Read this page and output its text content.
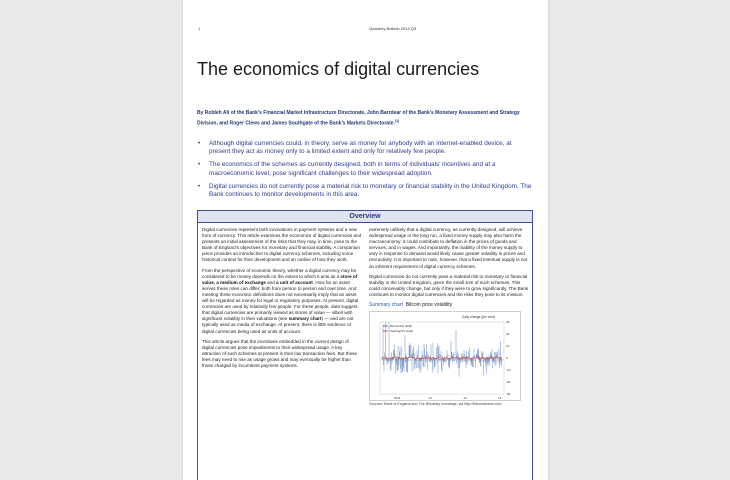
1	Quarterly Bulletin 2014 Q3
The economics of digital currencies
By Robleh Ali of the Bank’s Financial Market Infrastructure Directorate, John Barrdear of the Bank’s Monetary Assessment and Strategy Division, and Roger Clews and James Southgate of the Bank’s Markets Directorate.$^{(1)}$
• Although digital currencies could, in theory, serve as money for anybody with an internet-enabled device, at present they act as money only to a limited extent and only for relatively few people.
• The economics of the schemes as currently designed, both in terms of individuals’ incentives and at a macroeconomic level, pose significant challenges to their widespread adoption.
• Digital currencies do not currently pose a material risk to monetary or financial stability in the United Kingdom. The Bank continues to monitor developments in this area.
Overview

Digital currencies represent both innovations in payment systems and a new form of currency. This article examines the economics of digital currencies and presents an initial assessment of the risks that they may, in time, pose to the Bank of England’s objectives for monetary and financial stability. A companion piece provides an introduction to digital currency schemes, including some historical context for their development and an outline of how they work.

From the perspective of economic theory, whether a digital currency may be considered to be money depends on the extent to which it acts as a store of value, a medium of exchange and a unit of account. How far an asset serves these roles can differ, both from person to person and over time. And meeting these economic definitions does not necessarily imply that an asset will be regarded as money for legal or regulatory purposes. At present, digital currencies are used by relatively few people. For these people, data suggest that digital currencies are primarily viewed as stores of value — albeit with significant volatility in their valuations (see summary chart) — and are not typically used as media of exchange. At present, there is little evidence of digital currencies being used as units of account.

This article argues that the incentives embedded in the current design of digital currencies pose impediments to their widespread usage. A key attraction of such schemes at present is their low transaction fees. But these fees may need to rise as usage grows and may eventually be higher than those charged by incumbent payment systems.

extremely unlikely that a digital currency, as currently designed, will achieve widespread usage in the long run, a fixed money supply may also harm the macroeconomy: it could contribute to deflation in the prices of goods and services, and in wages. And importantly, the inability of the money supply to vary in response to demand would likely cause greater volatility in prices and real activity. It is important to note, however, that a fixed eventual supply is not an inherent requirement of digital currency schemes.

Digital currencies do not currently pose a material risk to monetary or financial stability in the United Kingdom, given the small size of such schemes. This could conceivably change, but only if they were to grow significantly. The Bank continues to monitor digital currencies and the risks they pose to its mission.

Summary chart Bitcoin price volatility
Daily change (per cent)
Bitcoin/US dollar
Sterling/US dollar
30
20
10
0
-10
-20
-30
2011	12	13	14
Sources: Bank of England and The Bitcoinity exchange, via http://bitcoincharts.com.
